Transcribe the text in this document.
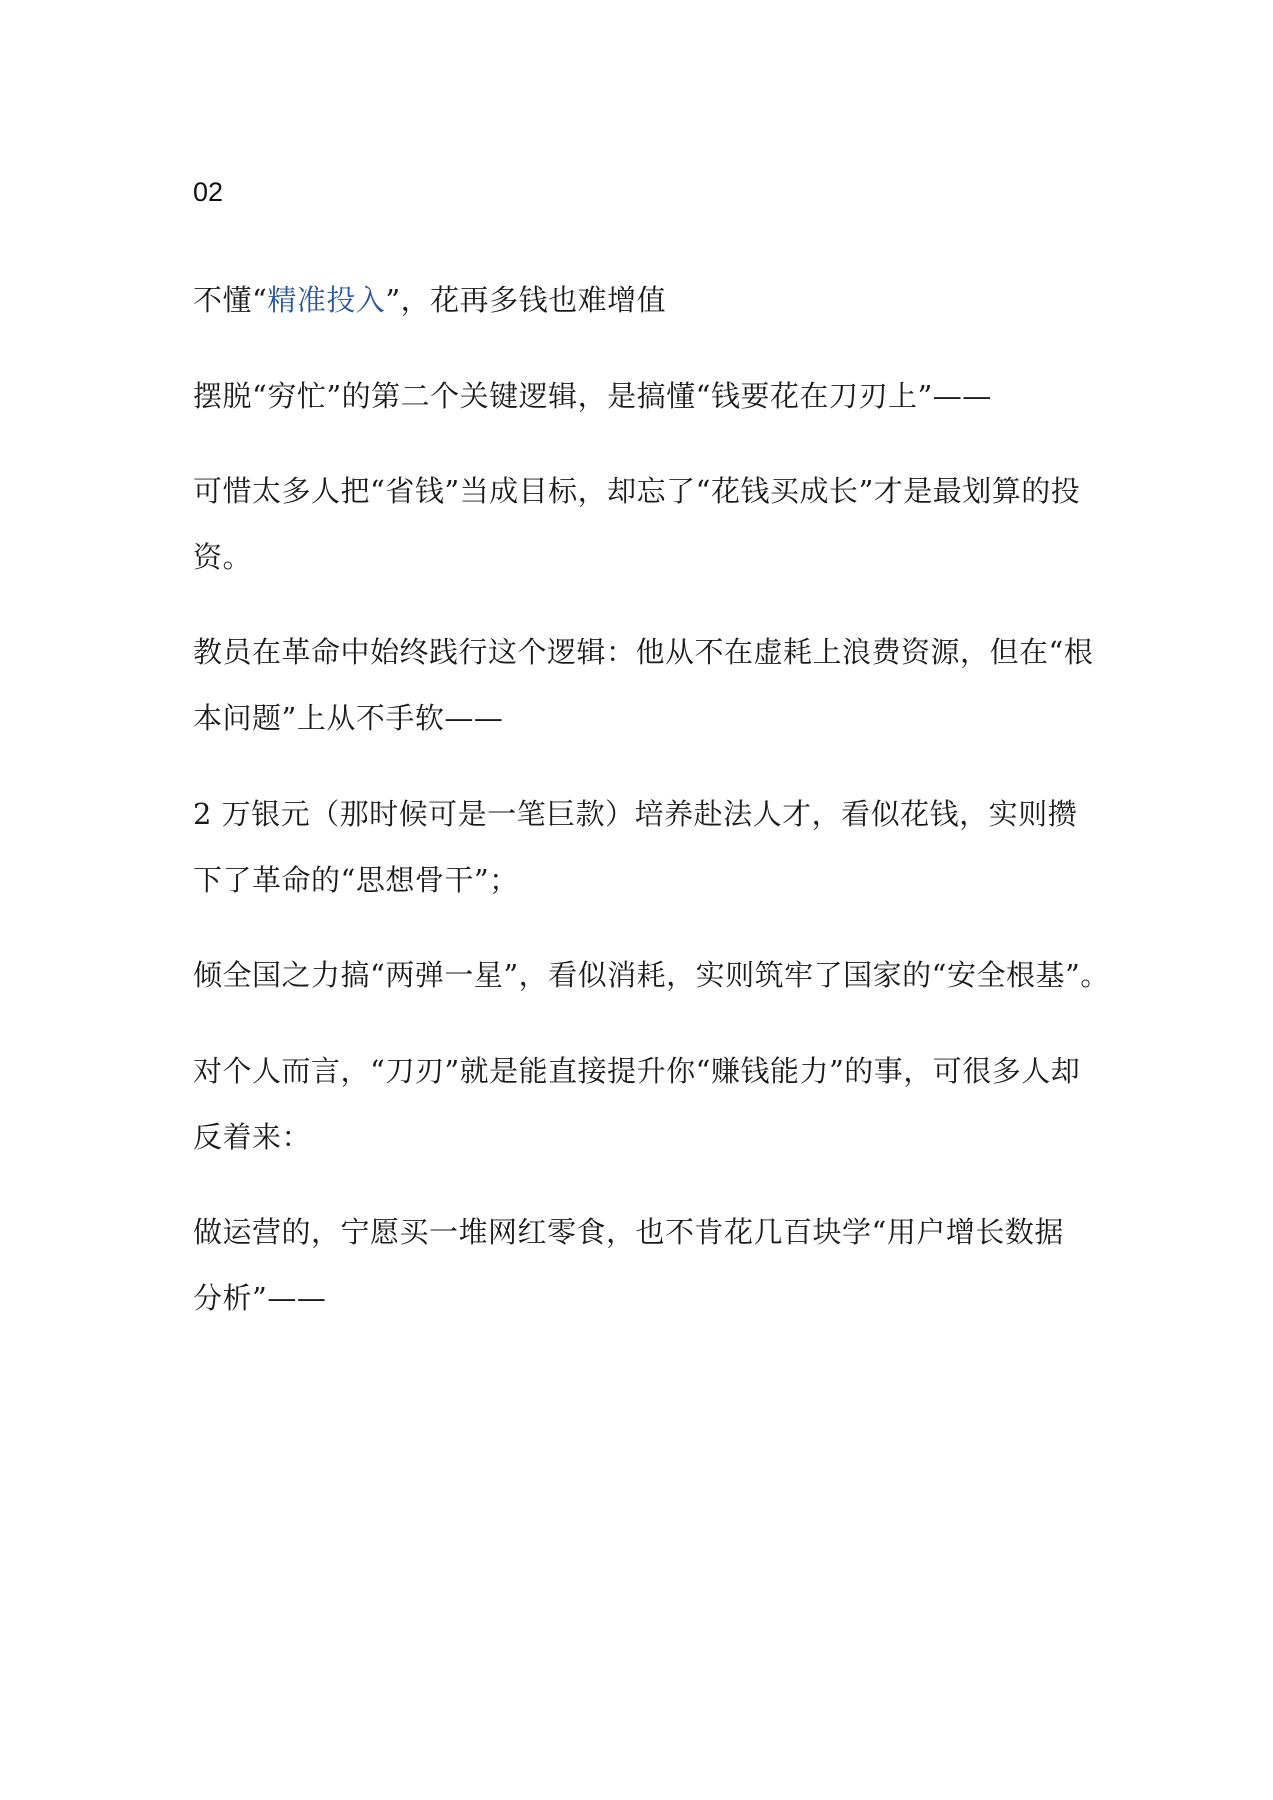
02

不懂“精准投入”，花再多钱也难增值

摆脱“穷忙”的第二个关键逻辑，是搞懂“钱要花在刀刃上”——

可惜太多人把“省钱”当成目标，却忘了“花钱买成长”才是最划算的投
资。

教员在革命中始终践行这个逻辑：他从不在虚耗上浪费资源，但在“根
本问题”上从不手软——

2 万银元（那时候可是一笔巨款）培养赴法人才，看似花钱，实则攒
下了革命的“思想骨干”；

倾全国之力搞“两弹一星”，看似消耗，实则筑牢了国家的“安全根基”。

对个人而言，“刀刃”就是能直接提升你“赚钱能力”的事，可很多人却
反着来：

做运营的，宁愿买一堆网红零食，也不肯花几百块学“用户增长数据
分析”——
